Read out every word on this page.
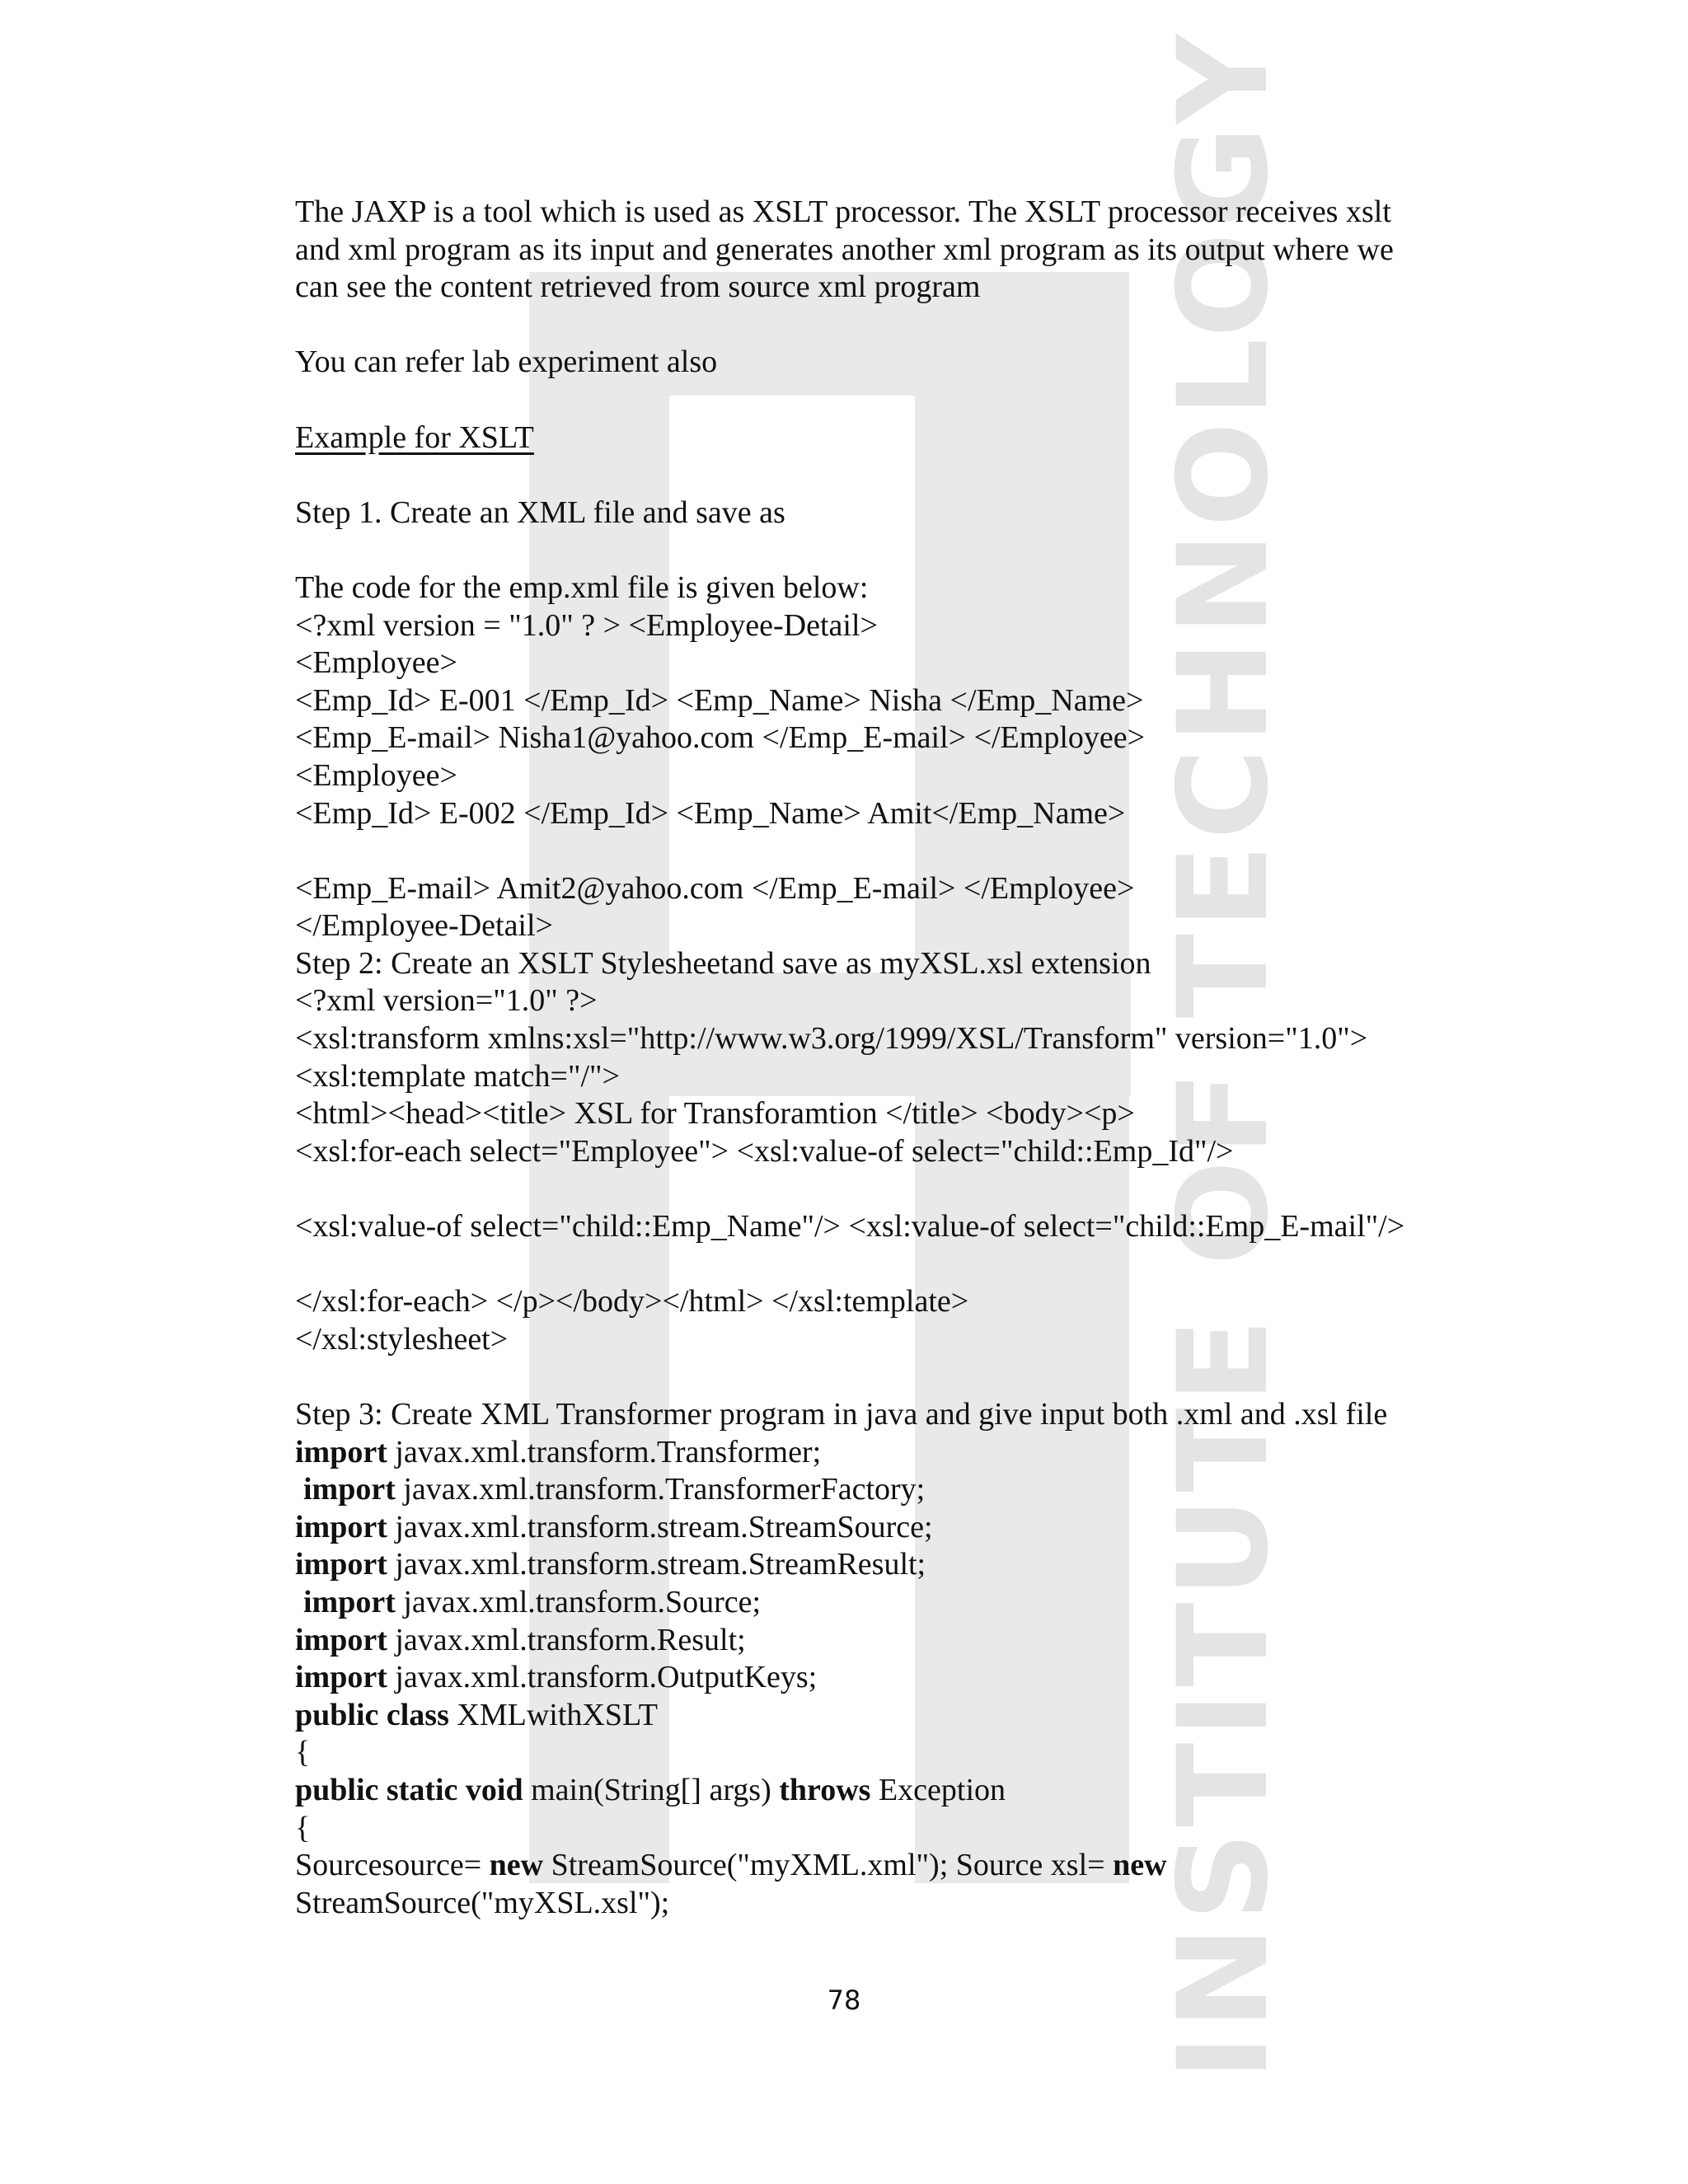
INSTITUTE OF TECHNOLOGY
The JAXP is a tool which is used as XSLT processor. The XSLT processor receives xslt
and xml program as its input and generates another xml program as its output where we
can see the content retrieved from source xml program
You can refer lab experiment also
Example for XSLT
Step 1. Create an XML file and save as
The code for the emp.xml file is given below:
<?xml version = "1.0" ? > <Employee-Detail>
<Employee>
<Emp_Id> E-001 </Emp_Id> <Emp_Name> Nisha </Emp_Name>
<Emp_E-mail> Nisha1@yahoo.com </Emp_E-mail> </Employee>
<Employee>
<Emp_Id> E-002 </Emp_Id> <Emp_Name> Amit</Emp_Name>
<Emp_E-mail> Amit2@yahoo.com </Emp_E-mail> </Employee>
</Employee-Detail>
Step 2: Create an XSLT Stylesheetand save as myXSL.xsl extension
<?xml version="1.0" ?>
<xsl:transform xmlns:xsl="http://www.w3.org/1999/XSL/Transform" version="1.0">
<xsl:template match="/">
<html><head><title> XSL for Transforamtion </title> <body><p>
<xsl:for-each select="Employee"> <xsl:value-of select="child::Emp_Id"/>
<xsl:value-of select="child::Emp_Name"/> <xsl:value-of select="child::Emp_E-mail"/>
</xsl:for-each> </p></body></html> </xsl:template>
</xsl:stylesheet>
Step 3: Create XML Transformer program in java and give input both .xml and .xsl file
import javax.xml.transform.Transformer;
import javax.xml.transform.TransformerFactory;
import javax.xml.transform.stream.StreamSource;
import javax.xml.transform.stream.StreamResult;
import javax.xml.transform.Source;
import javax.xml.transform.Result;
import javax.xml.transform.OutputKeys;
public class XMLwithXSLT
{
public static void main(String[] args) throws Exception
{
Sourcesource= new StreamSource("myXML.xml"); Source xsl= new
StreamSource("myXSL.xsl");
78
